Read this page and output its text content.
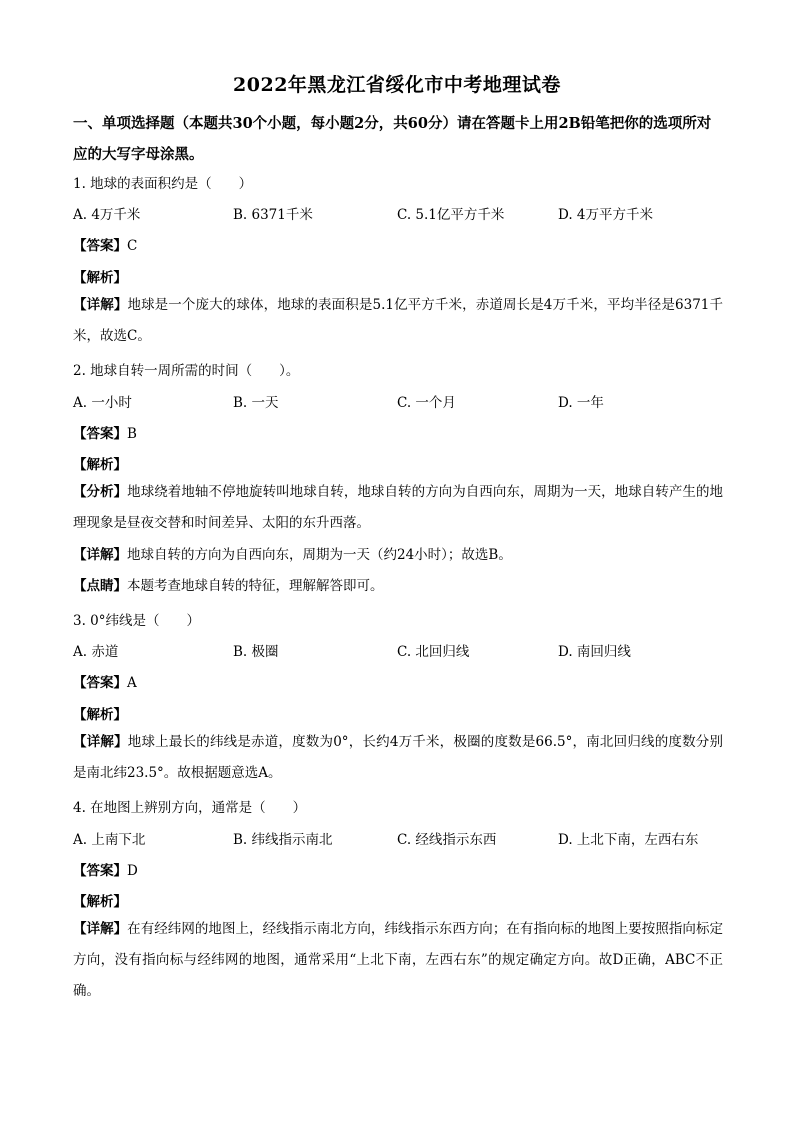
2022年黑龙江省绥化市中考地理试卷
一、单项选择题（本题共30个小题，每小题2分，共60分）请在答题卡上用2B铅笔把你的选项所对应的大写字母涂黑。
1. 地球的表面积约是（　　）
A. 4万千米	B. 6371千米	C. 5.1亿平方千米	D. 4万平方千米
【答案】C
【解析】
【详解】地球是一个庞大的球体，地球的表面积是5.1亿平方千米，赤道周长是4万千米，平均半径是6371千米，故选C。
2. 地球自转一周所需的时间（　　）。
A. 一小时	B. 一天	C. 一个月	D. 一年
【答案】B
【解析】
【分析】地球绕着地轴不停地旋转叫地球自转，地球自转的方向为自西向东，周期为一天，地球自转产生的地理现象是昼夜交替和时间差异、太阳的东升西落。
【详解】地球自转的方向为自西向东，周期为一天（约24小时）；故选B。
【点睛】本题考查地球自转的特征，理解解答即可。
3. 0°纬线是（　　）
A. 赤道	B. 极圈	C. 北回归线	D. 南回归线
【答案】A
【解析】
【详解】地球上最长的纬线是赤道，度数为0°，长约4万千米，极圈的度数是66.5°，南北回归线的度数分别是南北纬23.5°。故根据题意选A。
4. 在地图上辨别方向，通常是（　　）
A. 上南下北	B. 纬线指示南北	C. 经线指示东西	D. 上北下南，左西右东
【答案】D
【解析】
【详解】在有经纬网的地图上，经线指示南北方向，纬线指示东西方向；在有指向标的地图上要按照指向标定方向，没有指向标与经纬网的地图，通常采用“上北下南，左西右东”的规定确定方向。故D正确，ABC不正确。
